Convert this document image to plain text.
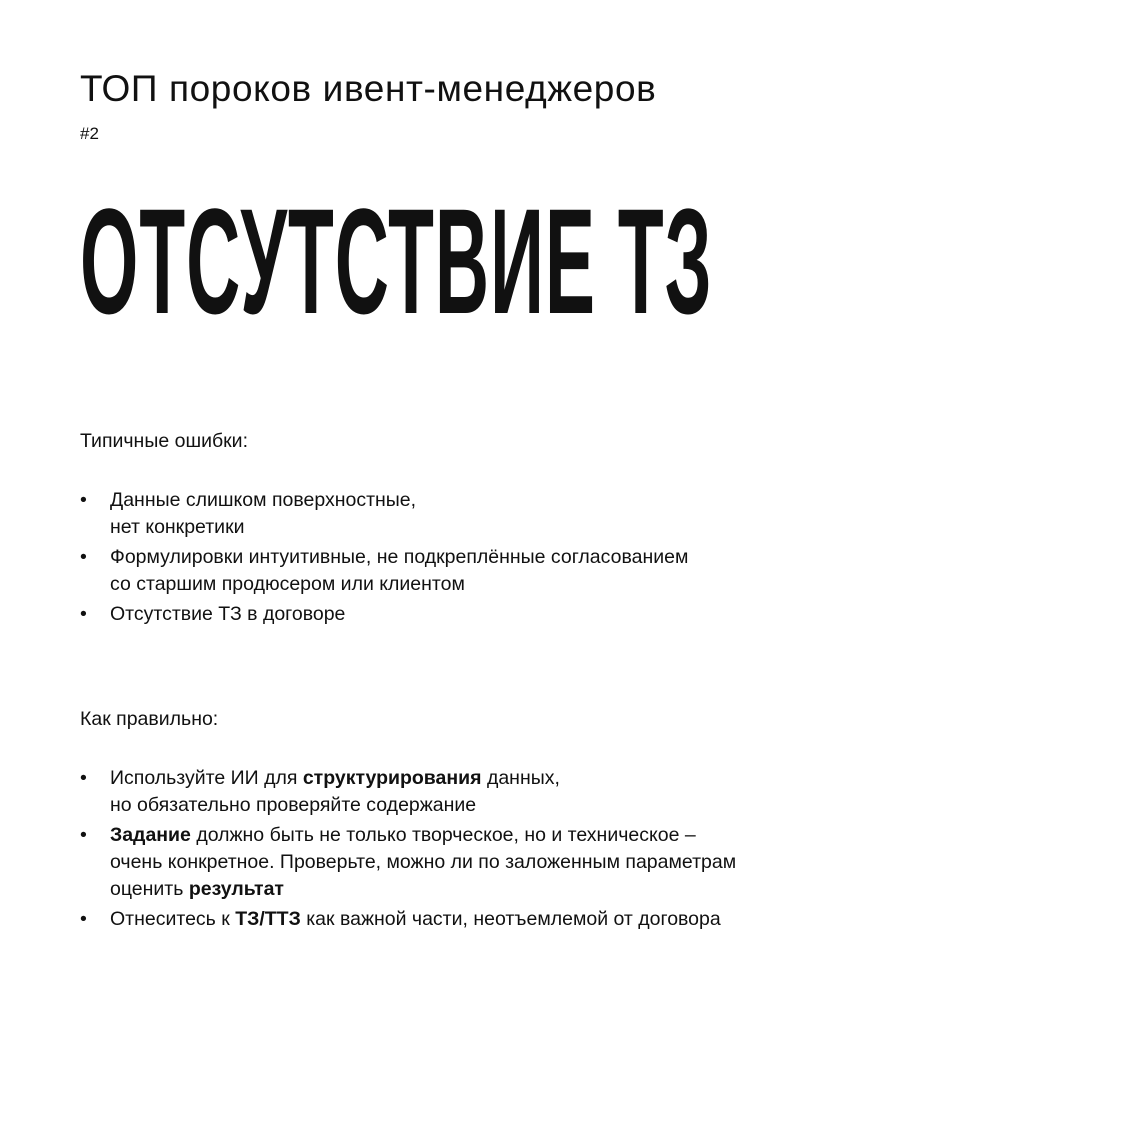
ТОП пороков ивент-менеджеров
#2
ОТСУТСТВИЕ ТЗ
Типичные ошибки:
• Данные слишком поверхностные,
нет конкретики
• Формулировки интуитивные, не подкреплённые согласованием
со старшим продюсером или клиентом
• Отсутствие ТЗ в договоре
Как правильно:
• Используйте ИИ для структурирования данных,
но обязательно проверяйте содержание
• Задание должно быть не только творческое, но и техническое –
очень конкретное. Проверьте, можно ли по заложенным параметрам
оценить результат
• Отнеситесь к ТЗ/ТТЗ как важной части, неотъемлемой от договора
